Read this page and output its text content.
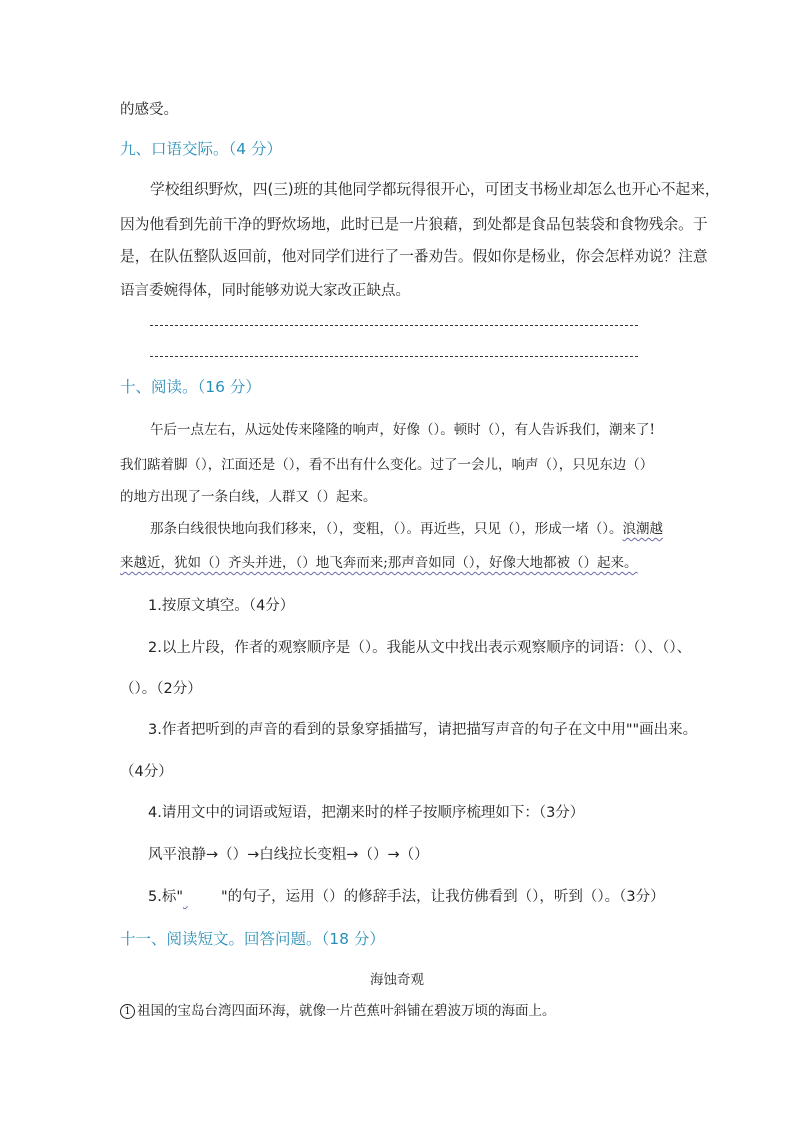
的感受。
九、口语交际。（4 分）
学校组织野炊，四(三)班的其他同学都玩得很开心，可团支书杨业却怎么也开心不起来，
因为他看到先前干净的野炊场地，此时已是一片狼藉，到处都是食品包装袋和食物残余。于
是，在队伍整队返回前，他对同学们进行了一番劝告。假如你是杨业，你会怎样劝说？注意
语言委婉得体，同时能够劝说大家改正缺点。
十、阅读。（16 分）
午后一点左右，从远处传来隆隆的响声，好像（）。顿时（），有人告诉我们，潮来了!
我们踮着脚（），江面还是（），看不出有什么变化。过了一会儿，响声（），只见东边（）
的地方出现了一条白线，人群又（）起来。
那条白线很快地向我们移来，（），变粗，（）。再近些，只见（），形成一堵（）。浪潮越
来越近，犹如（）齐头并进，（）地飞奔而来;那声音如同（），好像大地都被（）起来。
1.按原文填空。（4分）
2.以上片段，作者的观察顺序是（）。我能从文中找出表示观察顺序的词语：（）、（）、
（）。（2分）
3.作者把听到的声音的看到的景象穿插描写，请把描写声音的句子在文中用""画出来。
（4分）
4.请用文中的词语或短语，把潮来时的样子按顺序梳理如下：（3分）
风平浪静→（）→白线拉长变粗→（）→（）
5.标"	"的句子，运用（）的修辞手法，让我仿佛看到（），听到（）。（3分）
十一、阅读短文。回答问题。（18 分）
海蚀奇观
1 祖国的宝岛台湾四面环海，就像一片芭蕉叶斜铺在碧波万顷的海面上。
